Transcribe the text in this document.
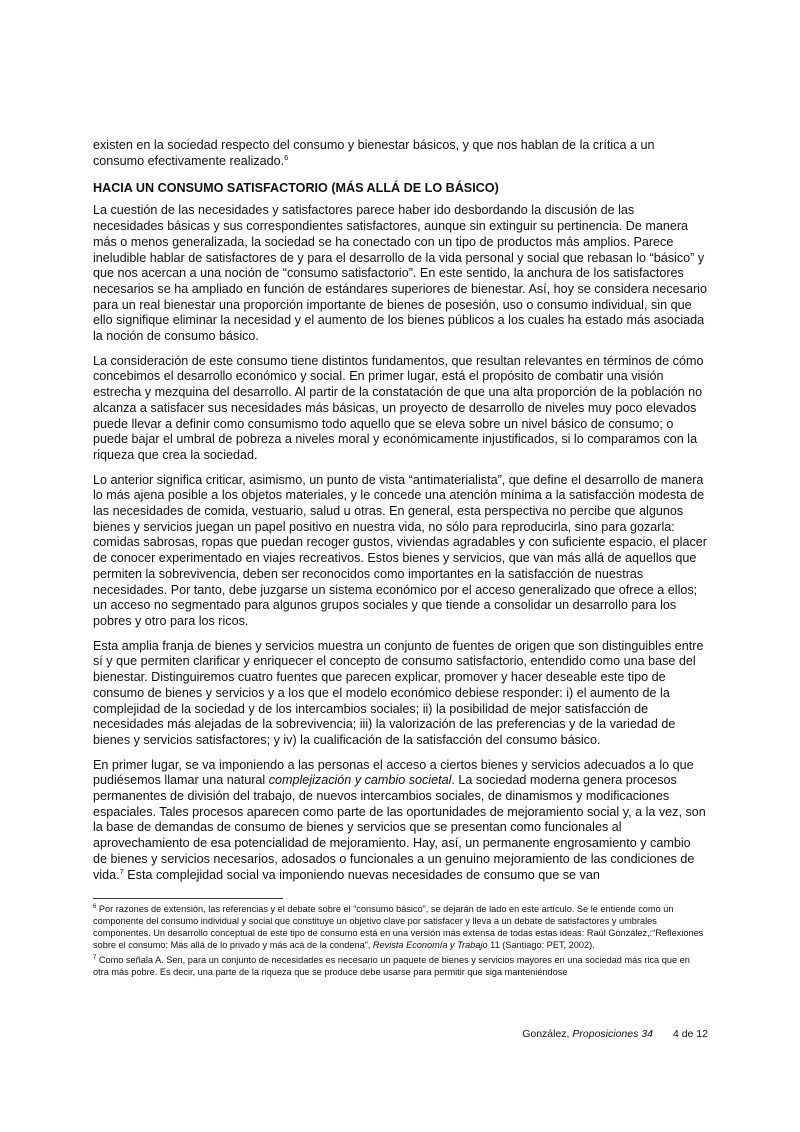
existen en la sociedad respecto del consumo y bienestar básicos, y que nos hablan de la crítica a un consumo efectivamente realizado.$^6$

HACIA UN CONSUMO SATISFACTORIO (MÁS ALLÁ DE LO BÁSICO)

La cuestión de las necesidades y satisfactores parece haber ido desbordando la discusión de las necesidades básicas y sus correspondientes satisfactores, aunque sin extinguir su pertinencia. De manera más o menos generalizada, la sociedad se ha conectado con un tipo de productos más amplios. Parece ineludible hablar de satisfactores de y para el desarrollo de la vida personal y social que rebasan lo “básico” y que nos acercan a una noción de “consumo satisfactorio”. En este sentido, la anchura de los satisfactores necesarios se ha ampliado en función de estándares superiores de bienestar. Así, hoy se considera necesario para un real bienestar una proporción importante de bienes de posesión, uso o consumo individual, sin que ello signifique eliminar la necesidad y el aumento de los bienes públicos a los cuales ha estado más asociada la noción de consumo básico.

La consideración de este consumo tiene distintos fundamentos, que resultan relevantes en términos de cómo concebimos el desarrollo económico y social. En primer lugar, está el propósito de combatir una visión estrecha y mezquina del desarrollo. Al partir de la constatación de que una alta proporción de la población no alcanza a satisfacer sus necesidades más básicas, un proyecto de desarrollo de niveles muy poco elevados puede llevar a definir como consumismo todo aquello que se eleva sobre un nivel básico de consumo; o puede bajar el umbral de pobreza a niveles moral y económicamente injustificados, si lo comparamos con la riqueza que crea la sociedad.

Lo anterior significa criticar, asimismo, un punto de vista “antimaterialista”, que define el desarrollo de manera lo más ajena posible a los objetos materiales, y le concede una atención mínima a la satisfacción modesta de las necesidades de comida, vestuario, salud u otras. En general, esta perspectiva no percibe que algunos bienes y servicios juegan un papel positivo en nuestra vida, no sólo para reproducirla, sino para gozarla: comidas sabrosas, ropas que puedan recoger gustos, viviendas agradables y con suficiente espacio, el placer de conocer experimentado en viajes recreativos. Estos bienes y servicios, que van más allá de aquellos que permiten la sobrevivencia, deben ser reconocidos como importantes en la satisfacción de nuestras necesidades. Por tanto, debe juzgarse un sistema económico por el acceso generalizado que ofrece a ellos; un acceso no segmentado para algunos grupos sociales y que tiende a consolidar un desarrollo para los pobres y otro para los ricos.

Esta amplia franja de bienes y servicios muestra un conjunto de fuentes de origen que son distinguibles entre sí y que permiten clarificar y enriquecer el concepto de consumo satisfactorio, entendido como una base del bienestar. Distinguiremos cuatro fuentes que parecen explicar, promover y hacer deseable este tipo de consumo de bienes y servicios y a los que el modelo económico debiese responder: i) el aumento de la complejidad de la sociedad y de los intercambios sociales; ii) la posibilidad de mejor satisfacción de necesidades más alejadas de la sobrevivencia; iii) la valorización de las preferencias y de la variedad de bienes y servicios satisfactores; y iv) la cualificación de la satisfacción del consumo básico.

En primer lugar, se va imponiendo a las personas el acceso a ciertos bienes y servicios adecuados a lo que pudiésemos llamar una natural complejización y cambio societal. La sociedad moderna genera procesos permanentes de división del trabajo, de nuevos intercambios sociales, de dinamismos y modificaciones espaciales. Tales procesos aparecen como parte de las oportunidades de mejoramiento social y, a la vez, son la base de demandas de consumo de bienes y servicios que se presentan como funcionales al aprovechamiento de esa potencialidad de mejoramiento. Hay, así, un permanente engrosamiento y cambio de bienes y servicios necesarios, adosados o funcionales a un genuino mejoramiento de las condiciones de vida.$^7$ Esta complejidad social va imponiendo nuevas necesidades de consumo que se van

$^6$ Por razones de extensión, las referencias y el debate sobre el “consumo básico”, se dejarán de lado en este artículo. Se le entiende como un componente del consumo individual y social que constituye un objetivo clave por satisfacer y lleva a un debate de satisfactores y umbrales componentes. Un desarrollo conceptual de este tipo de consumo está en una versión más extensa de todas estas ideas: Raúl González,:“Reflexiones sobre el consumo: Más allá de lo privado y más acá de la condena”, Revista Economía y Trabajo 11 (Santiago: PET, 2002).

$^7$ Como señala A. Sen, para un conjunto de necesidades es necesario un paquete de bienes y servicios mayores en una sociedad más rica que en otra más pobre. Es decir, una parte de la riqueza que se produce debe usarse para permitir que siga manteniéndose

González, Proposiciones 34 4 de 12
